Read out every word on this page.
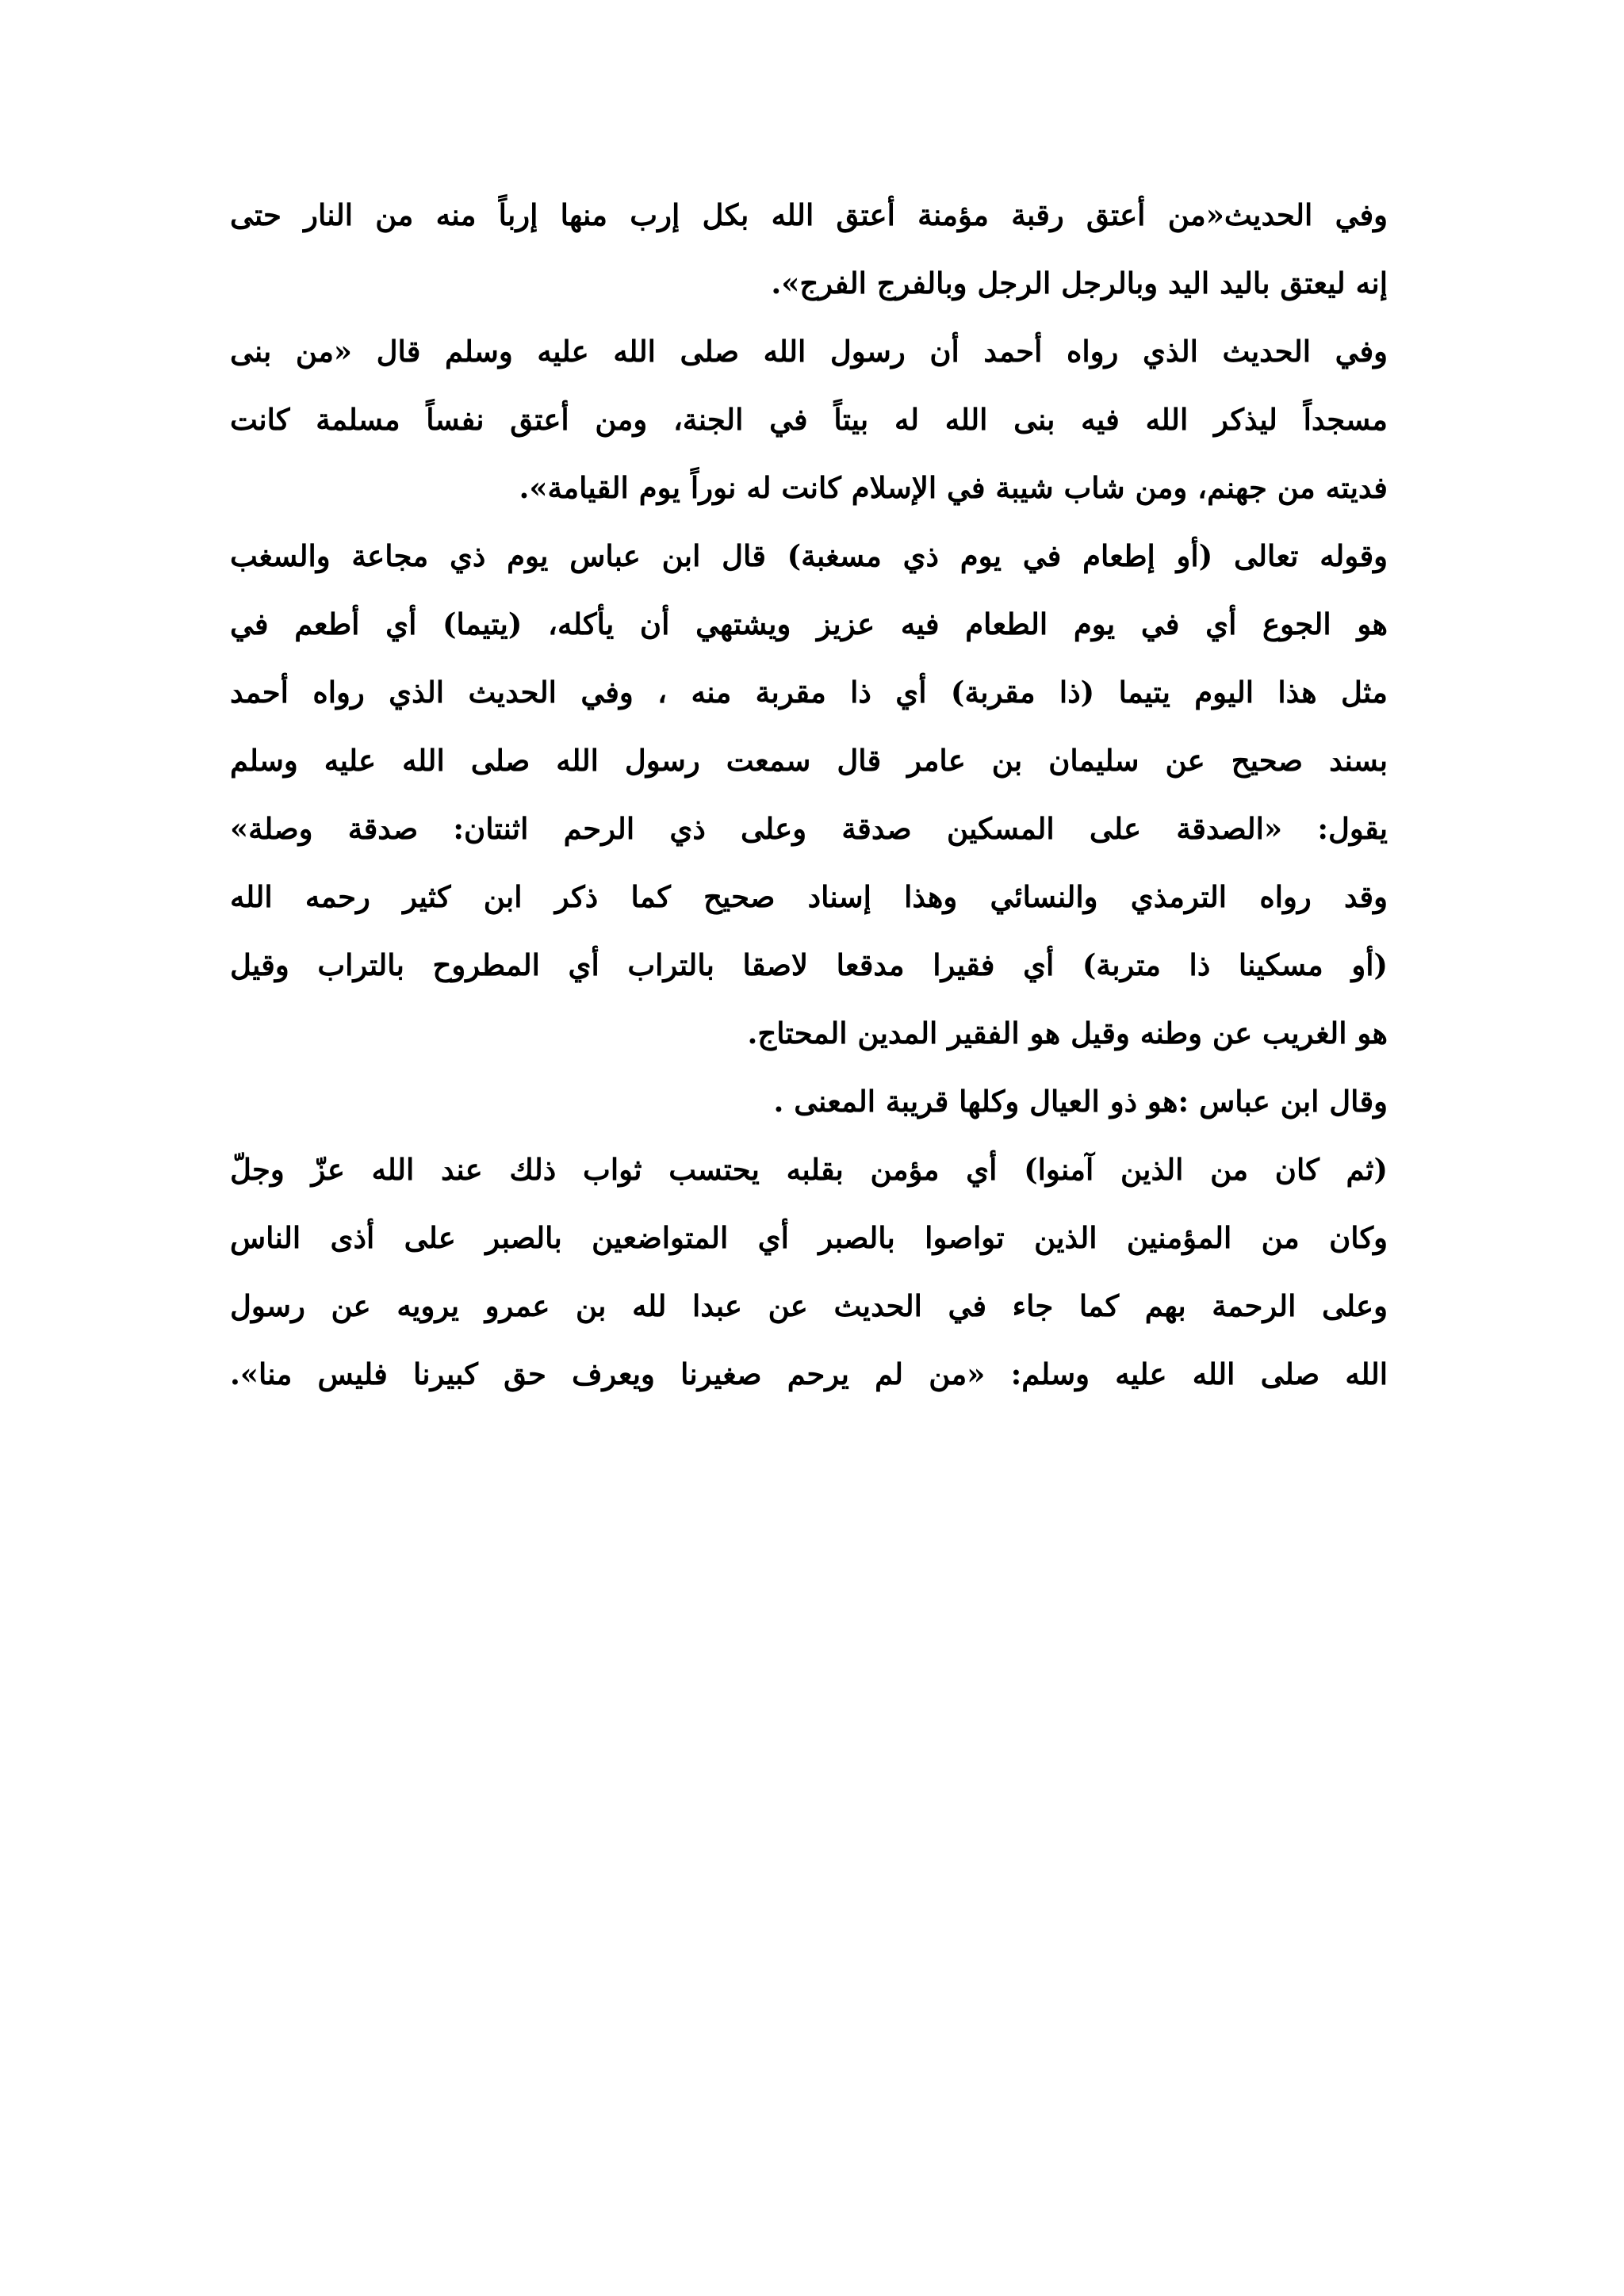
وفي الحديث«من أعتق رقبة مؤمنة أعتق الله بكل إرب منها إرباً منه من النار حتى
إنه ليعتق باليد اليد وبالرجل الرجل وبالفرج الفرج».
وفي الحديث الذي رواه أحمد أن رسول الله صلى الله عليه وسلم قال «من بنى
مسجداً ليذكر الله فيه بنى الله له بيتاً في الجنة، ومن أعتق نفساً مسلمة كانت
فديته من جهنم، ومن شاب شيبة في الإسلام كانت له نوراً يوم القيامة».
وقوله تعالى (أو إطعام في يوم ذي مسغبة) قال ابن عباس يوم ذي مجاعة والسغب
هو الجوع أي في يوم الطعام فيه عزيز ويشتهي أن يأكله، (يتيما) أي أطعم في
مثل هذا اليوم يتيما (ذا مقربة) أي ذا مقربة منه ، وفي الحديث الذي رواه أحمد
بسند صحيح عن سليمان بن عامر قال سمعت رسول الله صلى الله عليه وسلم
يقول: «الصدقة على المسكين صدقة وعلى ذي الرحم اثنتان: صدقة وصلة»
وقد رواه الترمذي والنسائي وهذا إسناد صحيح كما ذكر ابن كثير رحمه الله
(أو مسكينا ذا متربة) أي فقيرا مدقعا لاصقا بالتراب أي المطروح بالتراب وقيل
هو الغريب عن وطنه وقيل هو الفقير المدين المحتاج.
وقال ابن عباس :هو ذو العيال وكلها قريبة المعنى .
(ثم كان من الذين آمنوا) أي مؤمن بقلبه يحتسب ثواب ذلك عند الله عزّ وجلّ
وكان من المؤمنين الذين تواصوا بالصبر أي المتواضعين بالصبر على أذى الناس
وعلى الرحمة بهم كما جاء في الحديث عن عبدا لله بن عمرو يرويه عن رسول
الله صلى الله عليه وسلم: «من لم يرحم صغيرنا ويعرف حق كبيرنا فليس منا».
